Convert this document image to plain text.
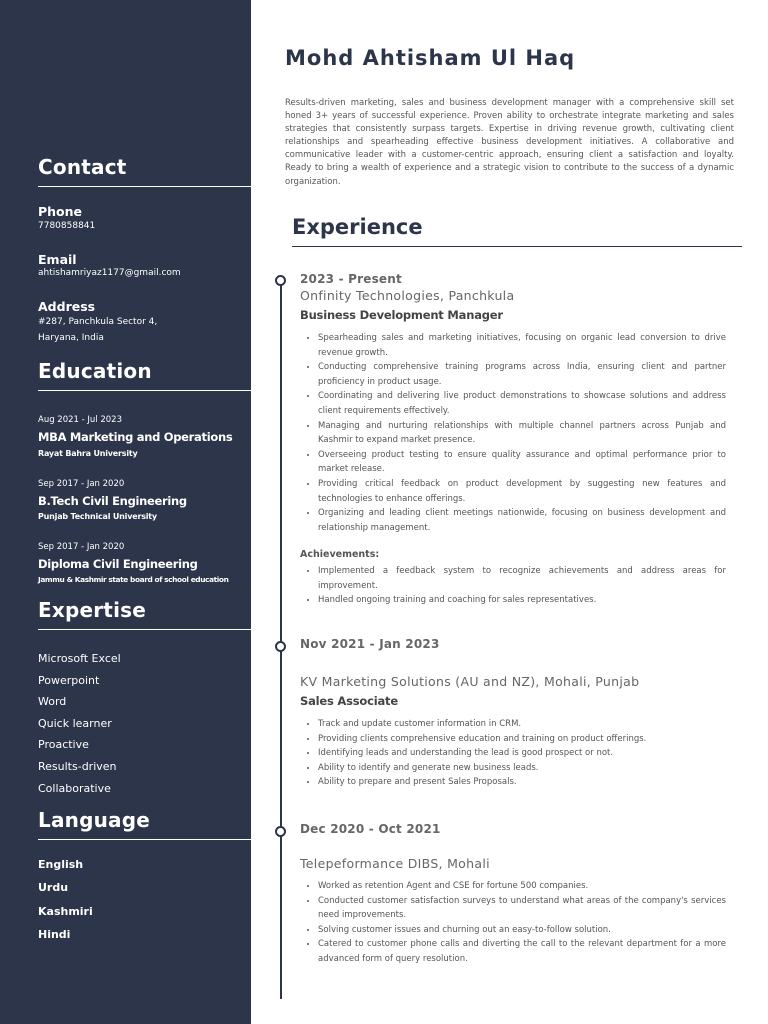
Contact
Phone
7780858841
Email
ahtishamriyaz1177@gmail.com
Address
#287, Panchkula Sector 4,
Haryana, India
Education
Aug 2021 - Jul 2023
MBA Marketing and Operations
Rayat Bahra University
Sep 2017 - Jan 2020
B.Tech Civil Engineering
Punjab Technical University
Sep 2017 - Jan 2020
Diploma Civil Engineering
Jammu & Kashmir state board of school education
Expertise
Microsoft Excel
Powerpoint
Word
Quick learner
Proactive
Results-driven
Collaborative
Language
English
Urdu
Kashmiri
Hindi
Mohd Ahtisham Ul Haq

Results-driven marketing, sales and business development manager with a comprehensive skill set honed 3+ years of successful experience. Proven ability to orchestrate integrate marketing and sales strategies that consistently surpass targets. Expertise in driving revenue growth, cultivating client relationships and spearheading effective business development initiatives. A collaborative and communicative leader with a customer-centric approach, ensuring client a satisfaction and loyalty. Ready to bring a wealth of experience and a strategic vision to contribute to the success of a dynamic organization.

Experience
2023 - Present
Onfinity Technologies, Panchkula
Business Development Manager
• Spearheading sales and marketing initiatives, focusing on organic lead conversion to drive revenue growth.
• Conducting comprehensive training programs across India, ensuring client and partner proficiency in product usage.
• Coordinating and delivering live product demonstrations to showcase solutions and address client requirements effectively.
• Managing and nurturing relationships with multiple channel partners across Punjab and Kashmir to expand market presence.
• Overseeing product testing to ensure quality assurance and optimal performance prior to market release.
• Providing critical feedback on product development by suggesting new features and technologies to enhance offerings.
• Organizing and leading client meetings nationwide, focusing on business development and relationship management.
Achievements:
• Implemented a feedback system to recognize achievements and address areas for improvement.
• Handled ongoing training and coaching for sales representatives.
Nov 2021 - Jan 2023
KV Marketing Solutions (AU and NZ), Mohali, Punjab
Sales Associate
• Track and update customer information in CRM.
• Providing clients comprehensive education and training on product offerings.
• Identifying leads and understanding the lead is good prospect or not.
• Ability to identify and generate new business leads.
• Ability to prepare and present Sales Proposals.
Dec 2020 - Oct 2021
Telepeformance DIBS, Mohali
• Worked as retention Agent and CSE for fortune 500 companies.
• Conducted customer satisfaction surveys to understand what areas of the company's services need improvements.
• Solving customer issues and churning out an easy-to-follow solution.
• Catered to customer phone calls and diverting the call to the relevant department for a more advanced form of query resolution.
